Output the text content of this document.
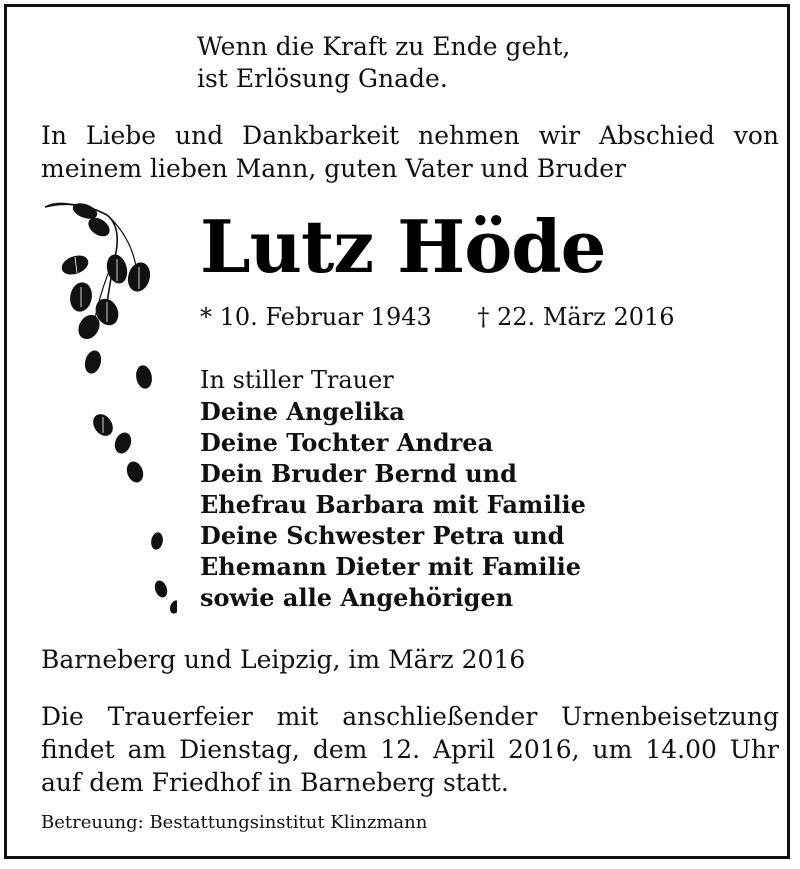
Wenn die Kraft zu Ende geht,
ist Erlösung Gnade.
In Liebe und Dankbarkeit nehmen wir Abschied von
meinem lieben Mann, guten Vater und Bruder
Lutz Höde
* 10. Februar 1943 † 22. März 2016
In stiller Trauer
Deine Angelika
Deine Tochter Andrea
Dein Bruder Bernd und
Ehefrau Barbara mit Familie
Deine Schwester Petra und
Ehemann Dieter mit Familie
sowie alle Angehörigen
Barneberg und Leipzig, im März 2016
Die Trauerfeier mit anschließender Urnenbeisetzung
findet am Dienstag, dem 12. April 2016, um 14.00 Uhr
auf dem Friedhof in Barneberg statt.
Betreuung: Bestattungsinstitut Klinzmann
